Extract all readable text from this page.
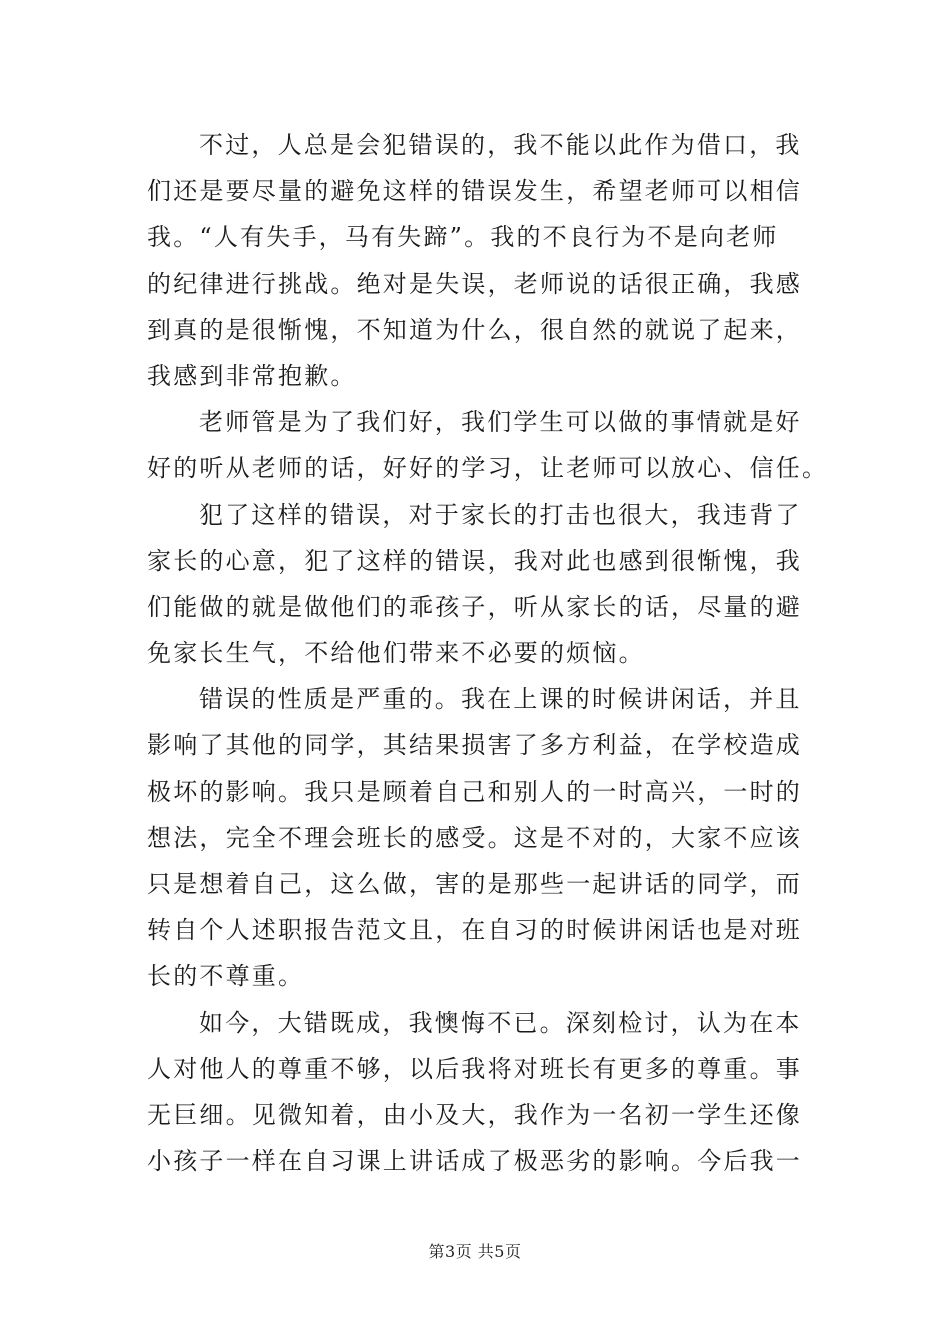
不过，人总是会犯错误的，我不能以此作为借口，我
们还是要尽量的避免这样的错误发生，希望老师可以相信
我。“人有失手，马有失蹄”。我的不良行为不是向老师
的纪律进行挑战。绝对是失误，老师说的话很正确，我感
到真的是很惭愧，不知道为什么，很自然的就说了起来，
我感到非常抱歉。

老师管是为了我们好，我们学生可以做的事情就是好
好的听从老师的话，好好的学习，让老师可以放心、信任。

犯了这样的错误，对于家长的打击也很大，我违背了
家长的心意，犯了这样的错误，我对此也感到很惭愧，我
们能做的就是做他们的乖孩子，听从家长的话，尽量的避
免家长生气，不给他们带来不必要的烦恼。

错误的性质是严重的。我在上课的时候讲闲话，并且
影响了其他的同学，其结果损害了多方利益，在学校造成
极坏的影响。我只是顾着自己和别人的一时高兴，一时的
想法，完全不理会班长的感受。这是不对的，大家不应该
只是想着自己，这么做，害的是那些一起讲话的同学，而
转自个人述职报告范文且，在自习的时候讲闲话也是对班
长的不尊重。

如今，大错既成，我懊悔不已。深刻检讨，认为在本
人对他人的尊重不够，以后我将对班长有更多的尊重。事
无巨细。见微知着，由小及大，我作为一名初一学生还像
小孩子一样在自习课上讲话成了极恶劣的影响。今后我一

第3页 共5页
